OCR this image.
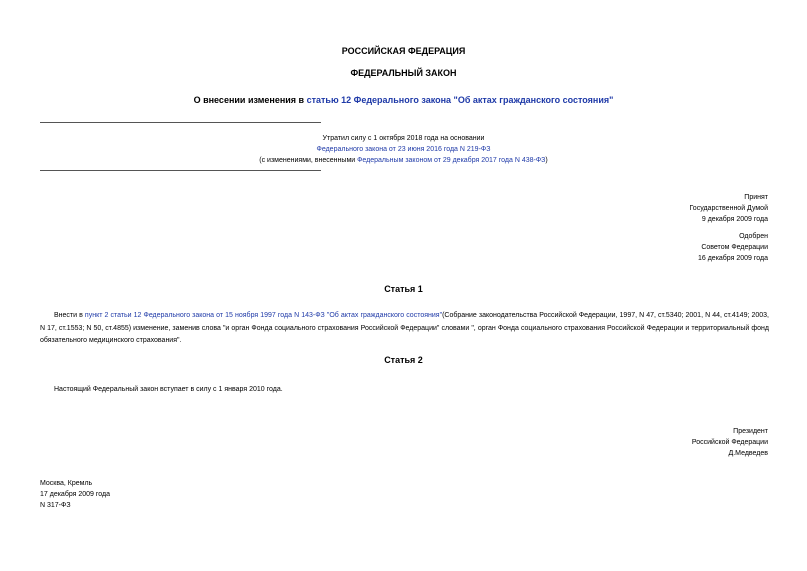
РОССИЙСКАЯ ФЕДЕРАЦИЯ
ФЕДЕРАЛЬНЫЙ ЗАКОН
О внесении изменения в статью 12 Федерального закона "Об актах гражданского состояния"
Утратил силу с 1 октября 2018 года на основании
Федерального закона от 23 июня 2016 года N 219-ФЗ
(с изменениями, внесенными Федеральным законом от 29 декабря 2017 года N 438-ФЗ)
Принят
Государственной Думой
9 декабря 2009 года
Одобрен
Советом Федерации
16 декабря 2009 года
Статья 1
Внести в пункт 2 статьи 12 Федерального закона от 15 ноября 1997 года N 143-ФЗ "Об актах гражданского состояния"(Собрание законодательства Российской Федерации, 1997, N 47, ст.5340; 2001, N 44, ст.4149; 2003, N 17, ст.1553; N 50, ст.4855) изменение, заменив слова "и орган Фонда социального страхования Российской Федерации" словами ", орган Фонда социального страхования Российской Федерации и территориальный фонд обязательного медицинского страхования".
Статья 2
Настоящий Федеральный закон вступает в силу с 1 января 2010 года.
Президент
Российской Федерации
Д.Медведев
Москва, Кремль
17 декабря 2009 года
N 317-ФЗ
